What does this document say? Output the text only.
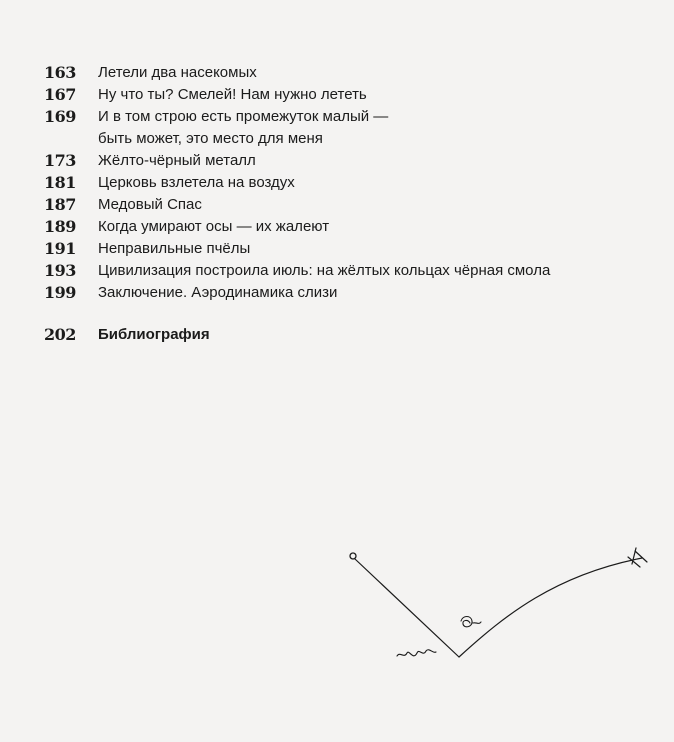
163	Летели два насекомых
167	Ну что ты? Смелей! Нам нужно лететь
169	И в том строю есть промежуток малый —
быть может, это место для меня
173	Жёлто-чёрный металл
181	Церковь взлетела на воздух
187	Медовый Спас
189	Когда умирают осы — их жалеют
191	Неправильные пчёлы
193	Цивилизация построила июль: на жёлтых кольцах чёрная смола
199	Заключение. Аэродинамика слизи
202	Библиография
